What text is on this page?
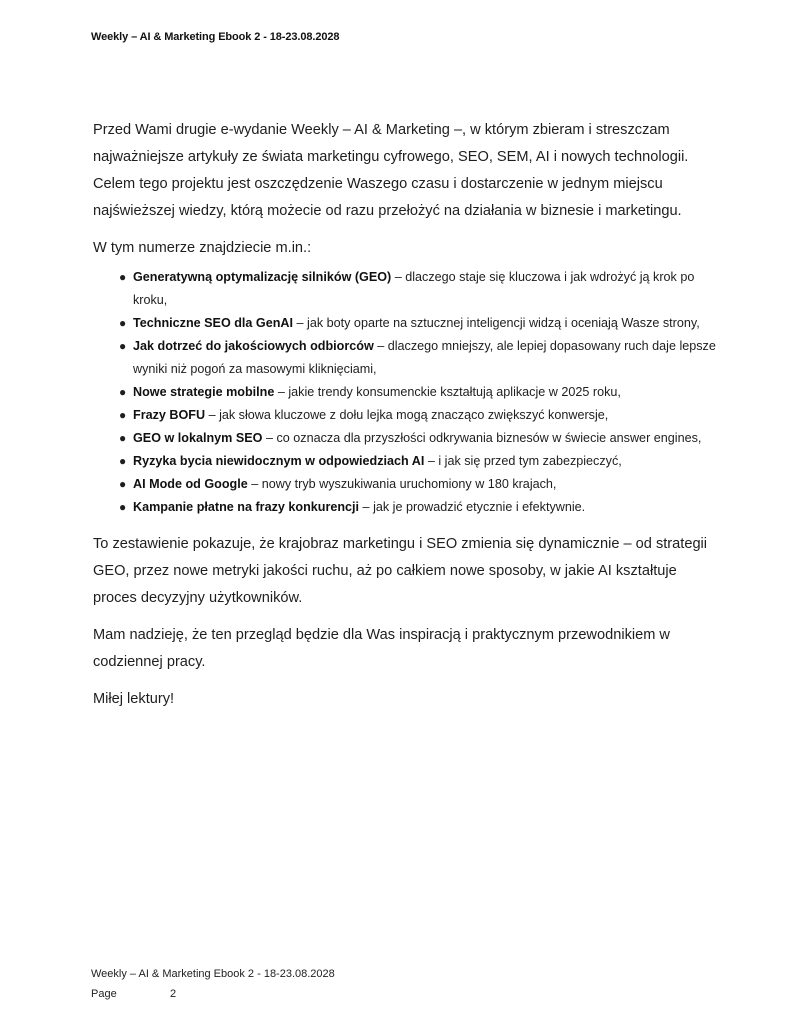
Weekly – AI & Marketing Ebook 2 - 18-23.08.2028

Przed Wami drugie e-wydanie Weekly – AI & Marketing –, w którym zbieram i streszczam najważniejsze artykuły ze świata marketingu cyfrowego, SEO, SEM, AI i nowych technologii. Celem tego projektu jest oszczędzenie Waszego czasu i dostarczenie w jednym miejscu najświeższej wiedzy, którą możecie od razu przełożyć na działania w biznesie i marketingu.

W tym numerze znajdziecie m.in.:

● Generatywną optymalizację silników (GEO) – dlaczego staje się kluczowa i jak wdrożyć ją krok po kroku,
● Techniczne SEO dla GenAI – jak boty oparte na sztucznej inteligencji widzą i oceniają Wasze strony,
● Jak dotrzeć do jakościowych odbiorców – dlaczego mniejszy, ale lepiej dopasowany ruch daje lepsze wyniki niż pogoń za masowymi kliknięciami,
● Nowe strategie mobilne – jakie trendy konsumenckie kształtują aplikacje w 2025 roku,
● Frazy BOFU – jak słowa kluczowe z dołu lejka mogą znacząco zwiększyć konwersje,
● GEO w lokalnym SEO – co oznacza dla przyszłości odkrywania biznesów w świecie answer engines,
● Ryzyka bycia niewidocznym w odpowiedziach AI – i jak się przed tym zabezpieczyć,
● AI Mode od Google – nowy tryb wyszukiwania uruchomiony w 180 krajach,
● Kampanie płatne na frazy konkurencji – jak je prowadzić etycznie i efektywnie.

To zestawienie pokazuje, że krajobraz marketingu i SEO zmienia się dynamicznie – od strategii GEO, przez nowe metryki jakości ruchu, aż po całkiem nowe sposoby, w jakie AI kształtuje proces decyzyjny użytkowników.

Mam nadzieję, że ten przegląd będzie dla Was inspiracją i praktycznym przewodnikiem w codziennej pracy.

Miłej lektury!

Weekly – AI & Marketing Ebook 2 - 18-23.08.2028
Page	2
